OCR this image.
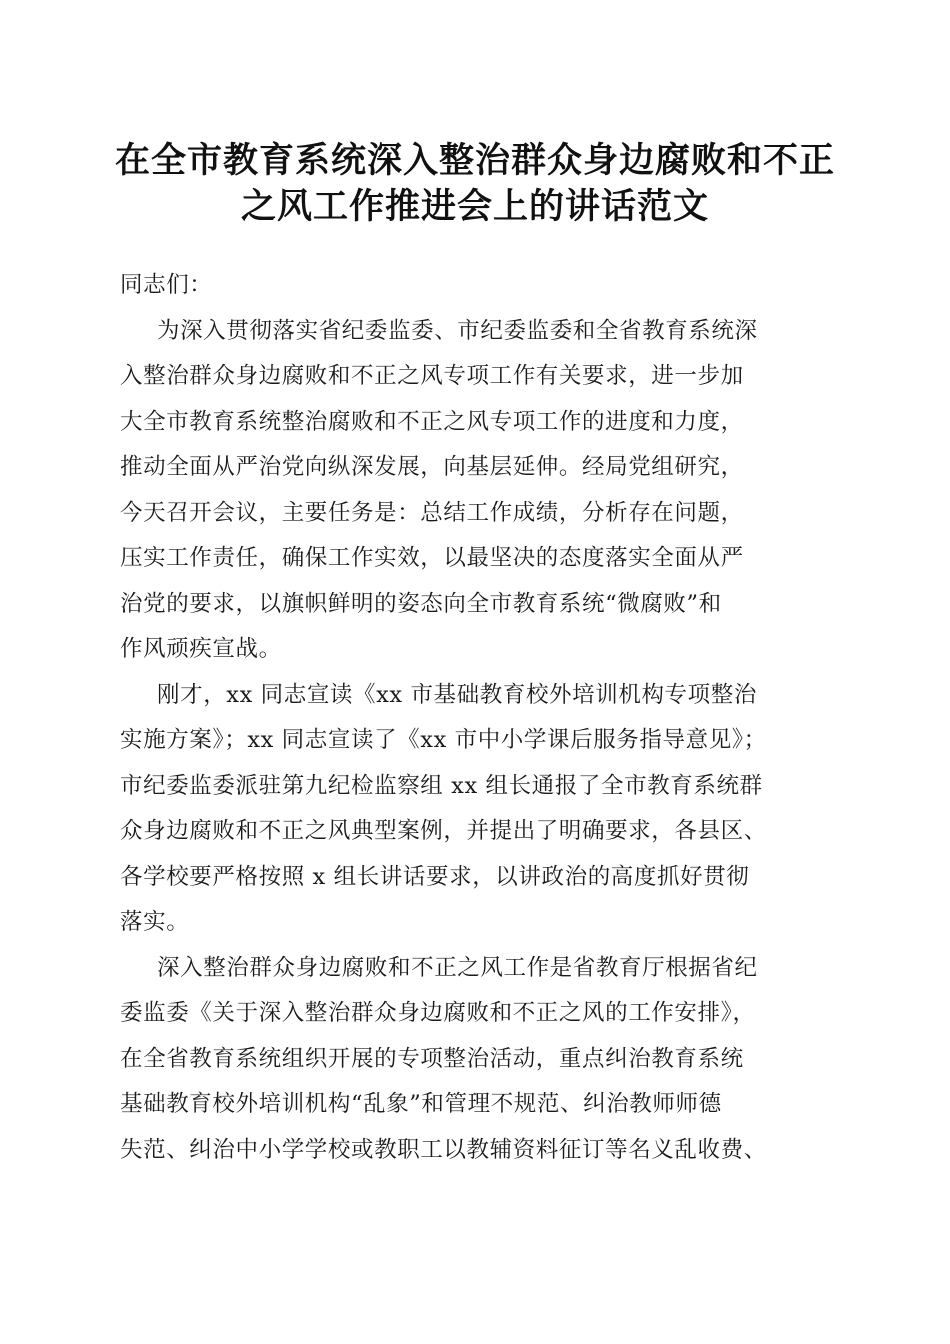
在全市教育系统深入整治群众身边腐败和不正
之风工作推进会上的讲话范文
同志们：
为深入贯彻落实省纪委监委、市纪委监委和全省教育系统深
入整治群众身边腐败和不正之风专项工作有关要求，进一步加
大全市教育系统整治腐败和不正之风专项工作的进度和力度，
推动全面从严治党向纵深发展，向基层延伸。经局党组研究，
今天召开会议，主要任务是：总结工作成绩，分析存在问题，
压实工作责任，确保工作实效，以最坚决的态度落实全面从严
治党的要求，以旗帜鲜明的姿态向全市教育系统“微腐败”和
作风顽疾宣战。
刚才，xx 同志宣读《xx 市基础教育校外培训机构专项整治
实施方案》；xx 同志宣读了《xx 市中小学课后服务指导意见》；
市纪委监委派驻第九纪检监察组 xx 组长通报了全市教育系统群
众身边腐败和不正之风典型案例，并提出了明确要求，各县区、
各学校要严格按照 x 组长讲话要求，以讲政治的高度抓好贯彻
落实。
深入整治群众身边腐败和不正之风工作是省教育厅根据省纪
委监委《关于深入整治群众身边腐败和不正之风的工作安排》，
在全省教育系统组织开展的专项整治活动，重点纠治教育系统
基础教育校外培训机构“乱象”和管理不规范、纠治教师师德
失范、纠治中小学学校或教职工以教辅资料征订等名义乱收费、
